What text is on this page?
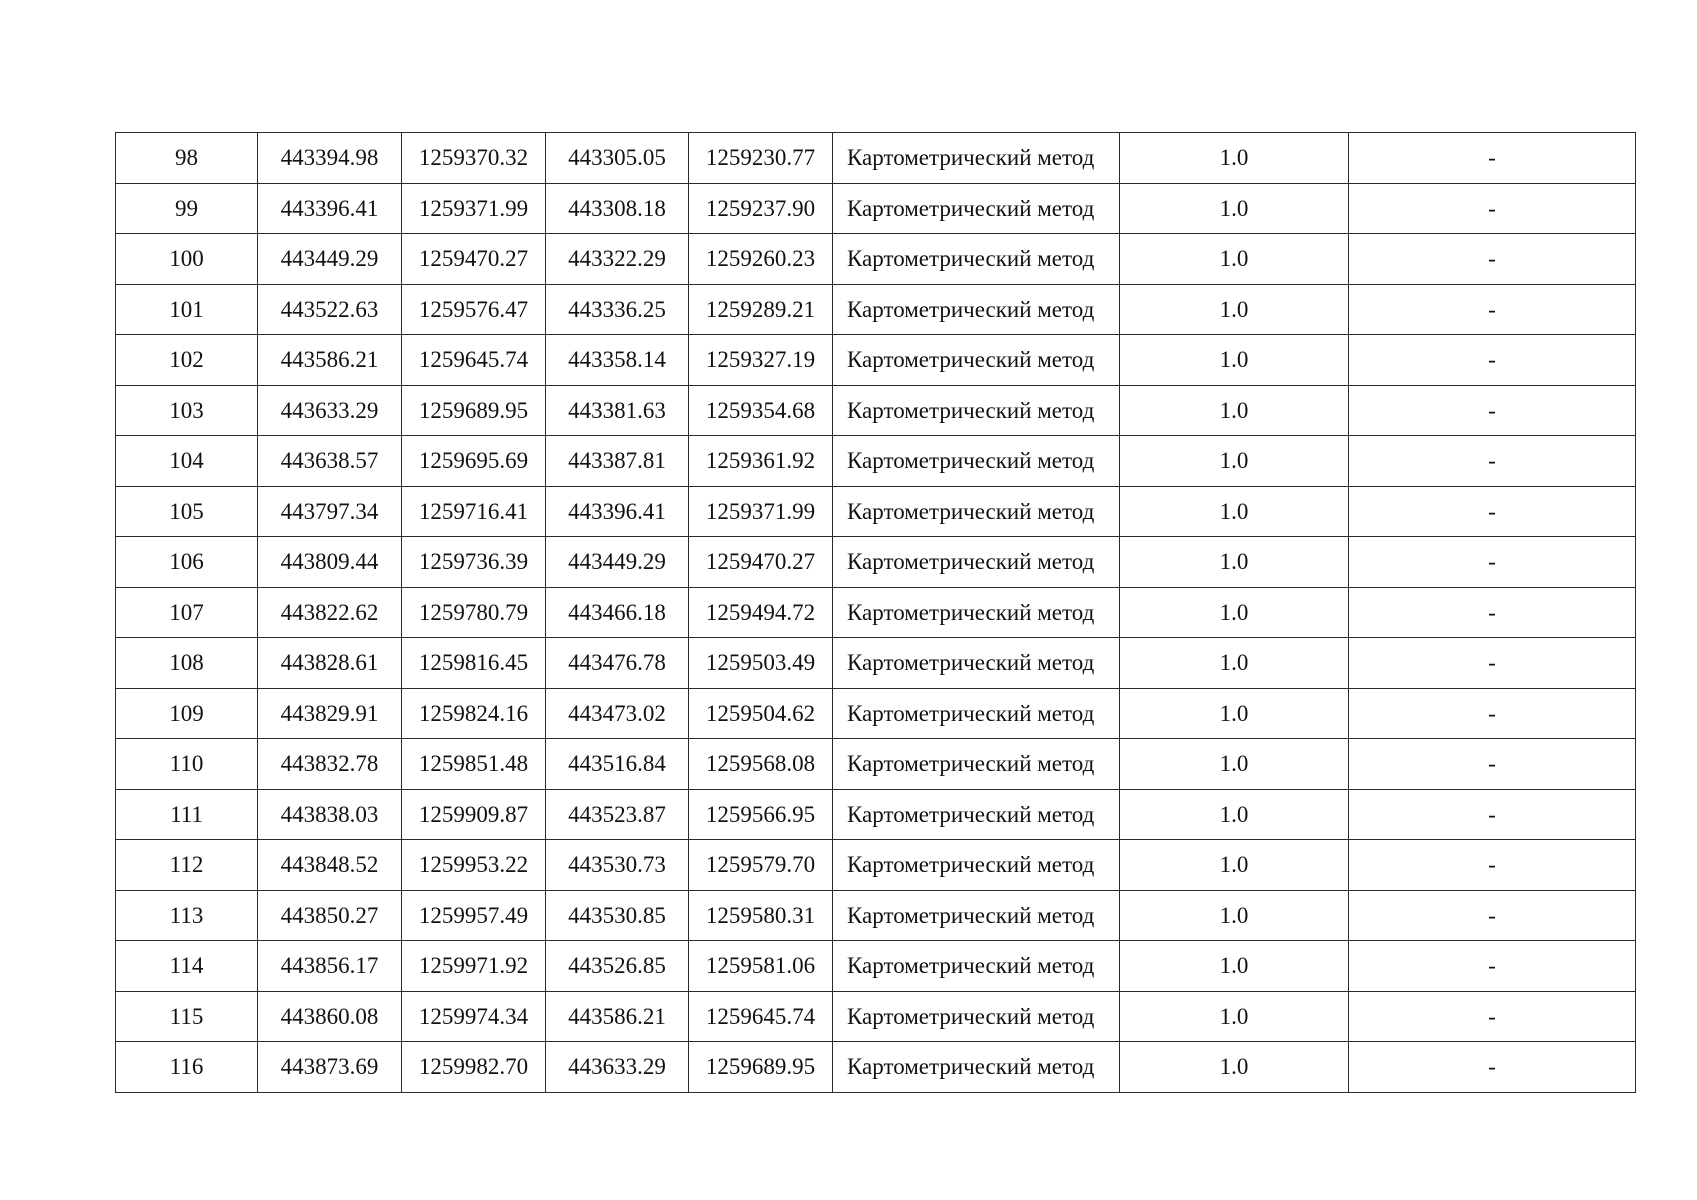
98	443394.98	1259370.32	443305.05	1259230.77	Картометрический метод	1.0	-
99	443396.41	1259371.99	443308.18	1259237.90	Картометрический метод	1.0	-
100	443449.29	1259470.27	443322.29	1259260.23	Картометрический метод	1.0	-
101	443522.63	1259576.47	443336.25	1259289.21	Картометрический метод	1.0	-
102	443586.21	1259645.74	443358.14	1259327.19	Картометрический метод	1.0	-
103	443633.29	1259689.95	443381.63	1259354.68	Картометрический метод	1.0	-
104	443638.57	1259695.69	443387.81	1259361.92	Картометрический метод	1.0	-
105	443797.34	1259716.41	443396.41	1259371.99	Картометрический метод	1.0	-
106	443809.44	1259736.39	443449.29	1259470.27	Картометрический метод	1.0	-
107	443822.62	1259780.79	443466.18	1259494.72	Картометрический метод	1.0	-
108	443828.61	1259816.45	443476.78	1259503.49	Картометрический метод	1.0	-
109	443829.91	1259824.16	443473.02	1259504.62	Картометрический метод	1.0	-
110	443832.78	1259851.48	443516.84	1259568.08	Картометрический метод	1.0	-
111	443838.03	1259909.87	443523.87	1259566.95	Картометрический метод	1.0	-
112	443848.52	1259953.22	443530.73	1259579.70	Картометрический метод	1.0	-
113	443850.27	1259957.49	443530.85	1259580.31	Картометрический метод	1.0	-
114	443856.17	1259971.92	443526.85	1259581.06	Картометрический метод	1.0	-
115	443860.08	1259974.34	443586.21	1259645.74	Картометрический метод	1.0	-
116	443873.69	1259982.70	443633.29	1259689.95	Картометрический метод	1.0	-
